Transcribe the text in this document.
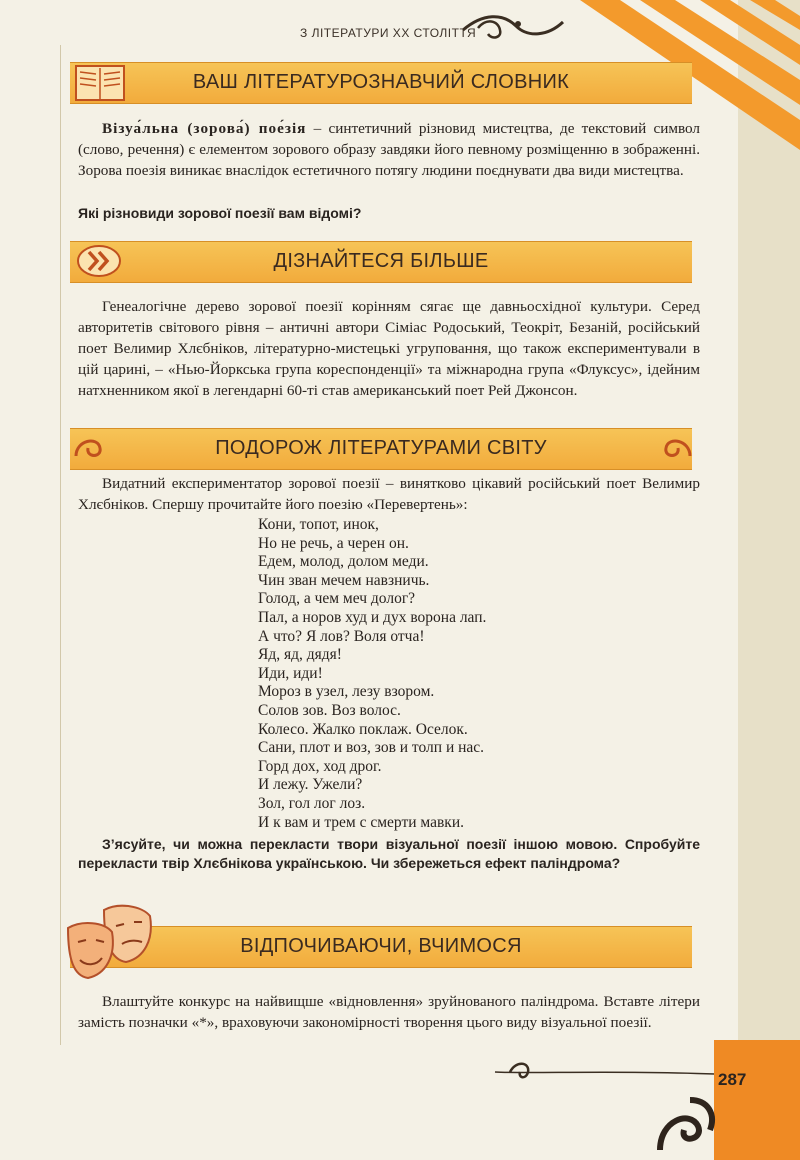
З ЛІТЕРАТУРИ XX СТОЛІТТЯ
ВАШ ЛІТЕРАТУРОЗНАВЧИЙ СЛОВНИК
Візуа́льна (зорова́) пое́зія – синтетичний різновид мистецтва, де текстовий символ (слово, речення) є елементом зорового образу завдяки його певному розміщенню в зображенні. Зорова поезія виникає внаслідок естетичного потягу людини поєднувати два види мистецтва.
Які різновиди зорової поезії вам відомі?
ДІЗНАЙТЕСЯ БІЛЬШЕ
Генеалогічне дерево зорової поезії корінням сягає ще давньосхідної культури. Серед авторитетів світового рівня – античні автори Сіміас Родоський, Теокріт, Безаній, російський поет Велимир Хлєбніков, літературно-мистецькі угруповання, що також експериментували в цій царині, – «Нью-Йоркська група кореспонденції» та міжнародна група «Флуксус», ідейним натхненником якої в легендарні 60-ті став американський поет Рей Джонсон.
ПОДОРОЖ ЛІТЕРАТУРАМИ СВІТУ
Видатний експериментатор зорової поезії – винятково цікавий російський поет Велимир Хлєбніков. Спершу прочитайте його поезію «Перевертень»:
Кони, топот, инок,
Но не речь, а черен он.
Едем, молод, долом меди.
Чин зван мечем навзничь.
Голод, а чем меч долог?
Пал, а норов худ и дух ворона лап.
А что? Я лов? Воля отча!
Яд, яд, дядя!
Иди, иди!
Мороз в узел, лезу взором.
Солов зов. Воз волос.
Колесо. Жалко поклаж. Оселок.
Сани, плот и воз, зов и толп и нас.
Горд дох, ход дрог.
И лежу. Ужели?
Зол, гол лог лоз.
И к вам и трем с смерти мавки.
З’ясуйте, чи можна перекласти твори візуальної поезії іншою мовою. Спробуйте перекласти твір Хлєбнікова українською. Чи збережеться ефект паліндрома?
ВІДПОЧИВАЮЧИ, ВЧИМОСЯ
Влаштуйте конкурс на найвищше «відновлення» зруйнованого паліндрома. Вставте літери замість позначки «*», враховуючи закономірності творення цього виду візуальної поезії.
287
